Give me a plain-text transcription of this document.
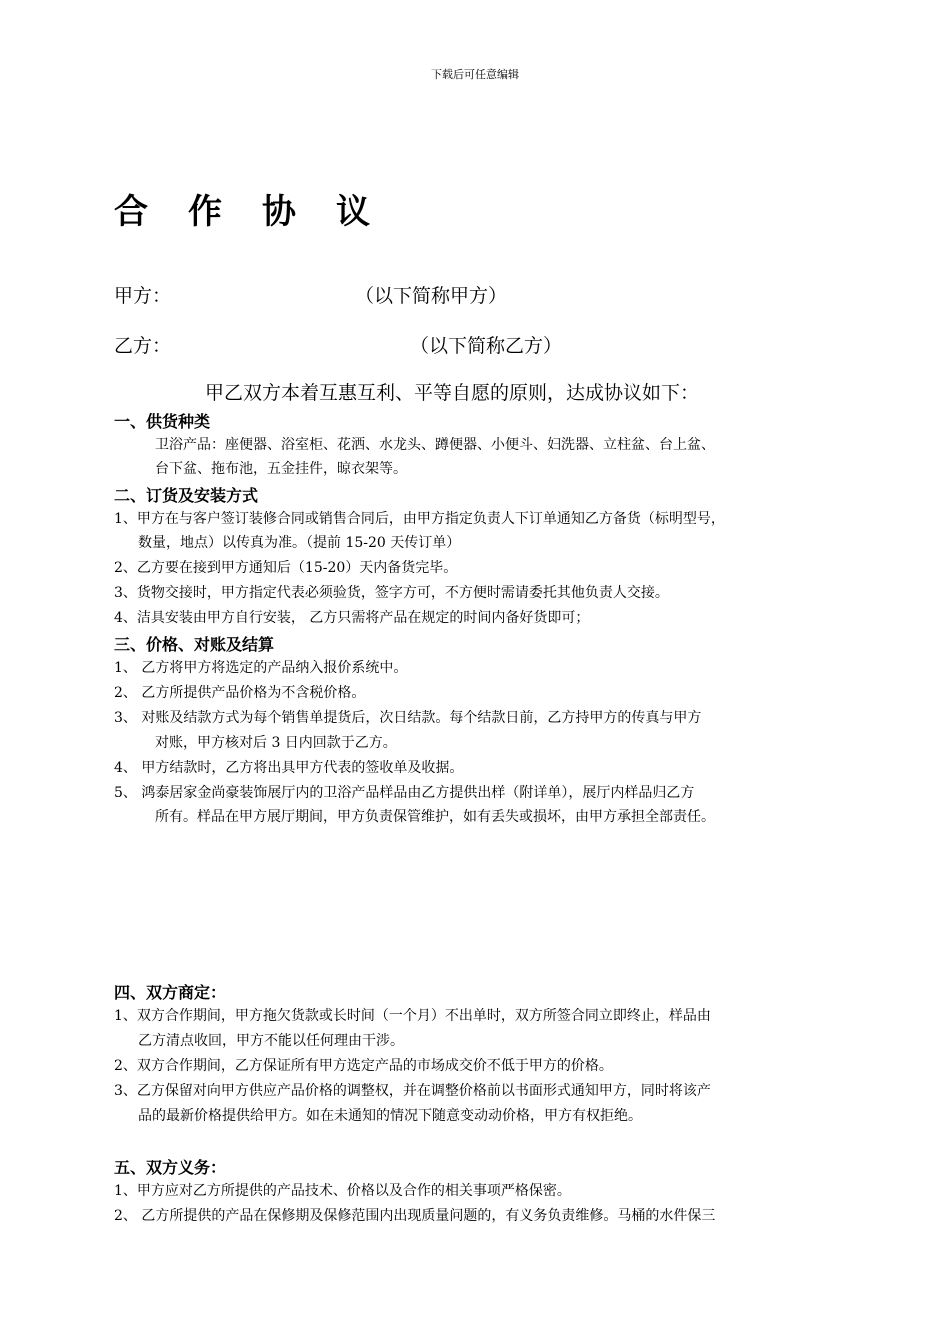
下载后可任意编辑
合作协议
甲方：	（以下简称甲方）
乙方：	（以下简称乙方）
甲乙双方本着互惠互利、平等自愿的原则，达成协议如下：
一、供货种类
卫浴产品：座便器、浴室柜、花洒、水龙头、蹲便器、小便斗、妇洗器、立柱盆、台上盆、
台下盆、拖布池，五金挂件，晾衣架等。
二、订货及安装方式
1、甲方在与客户签订装修合同或销售合同后，由甲方指定负责人下订单通知乙方备货（标明型号，
数量，地点）以传真为准。（提前 15-20 天传订单）
2、乙方要在接到甲方通知后（15-20）天内备货完毕。
3、货物交接时，甲方指定代表必须验货，签字方可，不方便时需请委托其他负责人交接。
4、洁具安装由甲方自行安装， 乙方只需将产品在规定的时间内备好货即可；
三、价格、对账及结算
1、 乙方将甲方将选定的产品纳入报价系统中。
2、 乙方所提供产品价格为不含税价格。
3、 对账及结款方式为每个销售单提货后，次日结款。每个结款日前，乙方持甲方的传真与甲方
对账，甲方核对后 3 日内回款于乙方。
4、 甲方结款时，乙方将出具甲方代表的签收单及收据。
5、 鸿泰居家金尚豪装饰展厅内的卫浴产品样品由乙方提供出样（附详单），展厅内样品归乙方
所有。样品在甲方展厅期间，甲方负责保管维护，如有丢失或损坏，由甲方承担全部责任。
四、双方商定：
1、双方合作期间，甲方拖欠货款或长时间（一个月）不出单时，双方所签合同立即终止，样品由
乙方清点收回，甲方不能以任何理由干涉。
2、双方合作期间，乙方保证所有甲方选定产品的市场成交价不低于甲方的价格。
3、乙方保留对向甲方供应产品价格的调整权，并在调整价格前以书面形式通知甲方，同时将该产
品的最新价格提供给甲方。如在未通知的情况下随意变动动价格，甲方有权拒绝。
五、双方义务：
1、甲方应对乙方所提供的产品技术、价格以及合作的相关事项严格保密。
2、 乙方所提供的产品在保修期及保修范围内出现质量问题的，有义务负责维修。马桶的水件保三
